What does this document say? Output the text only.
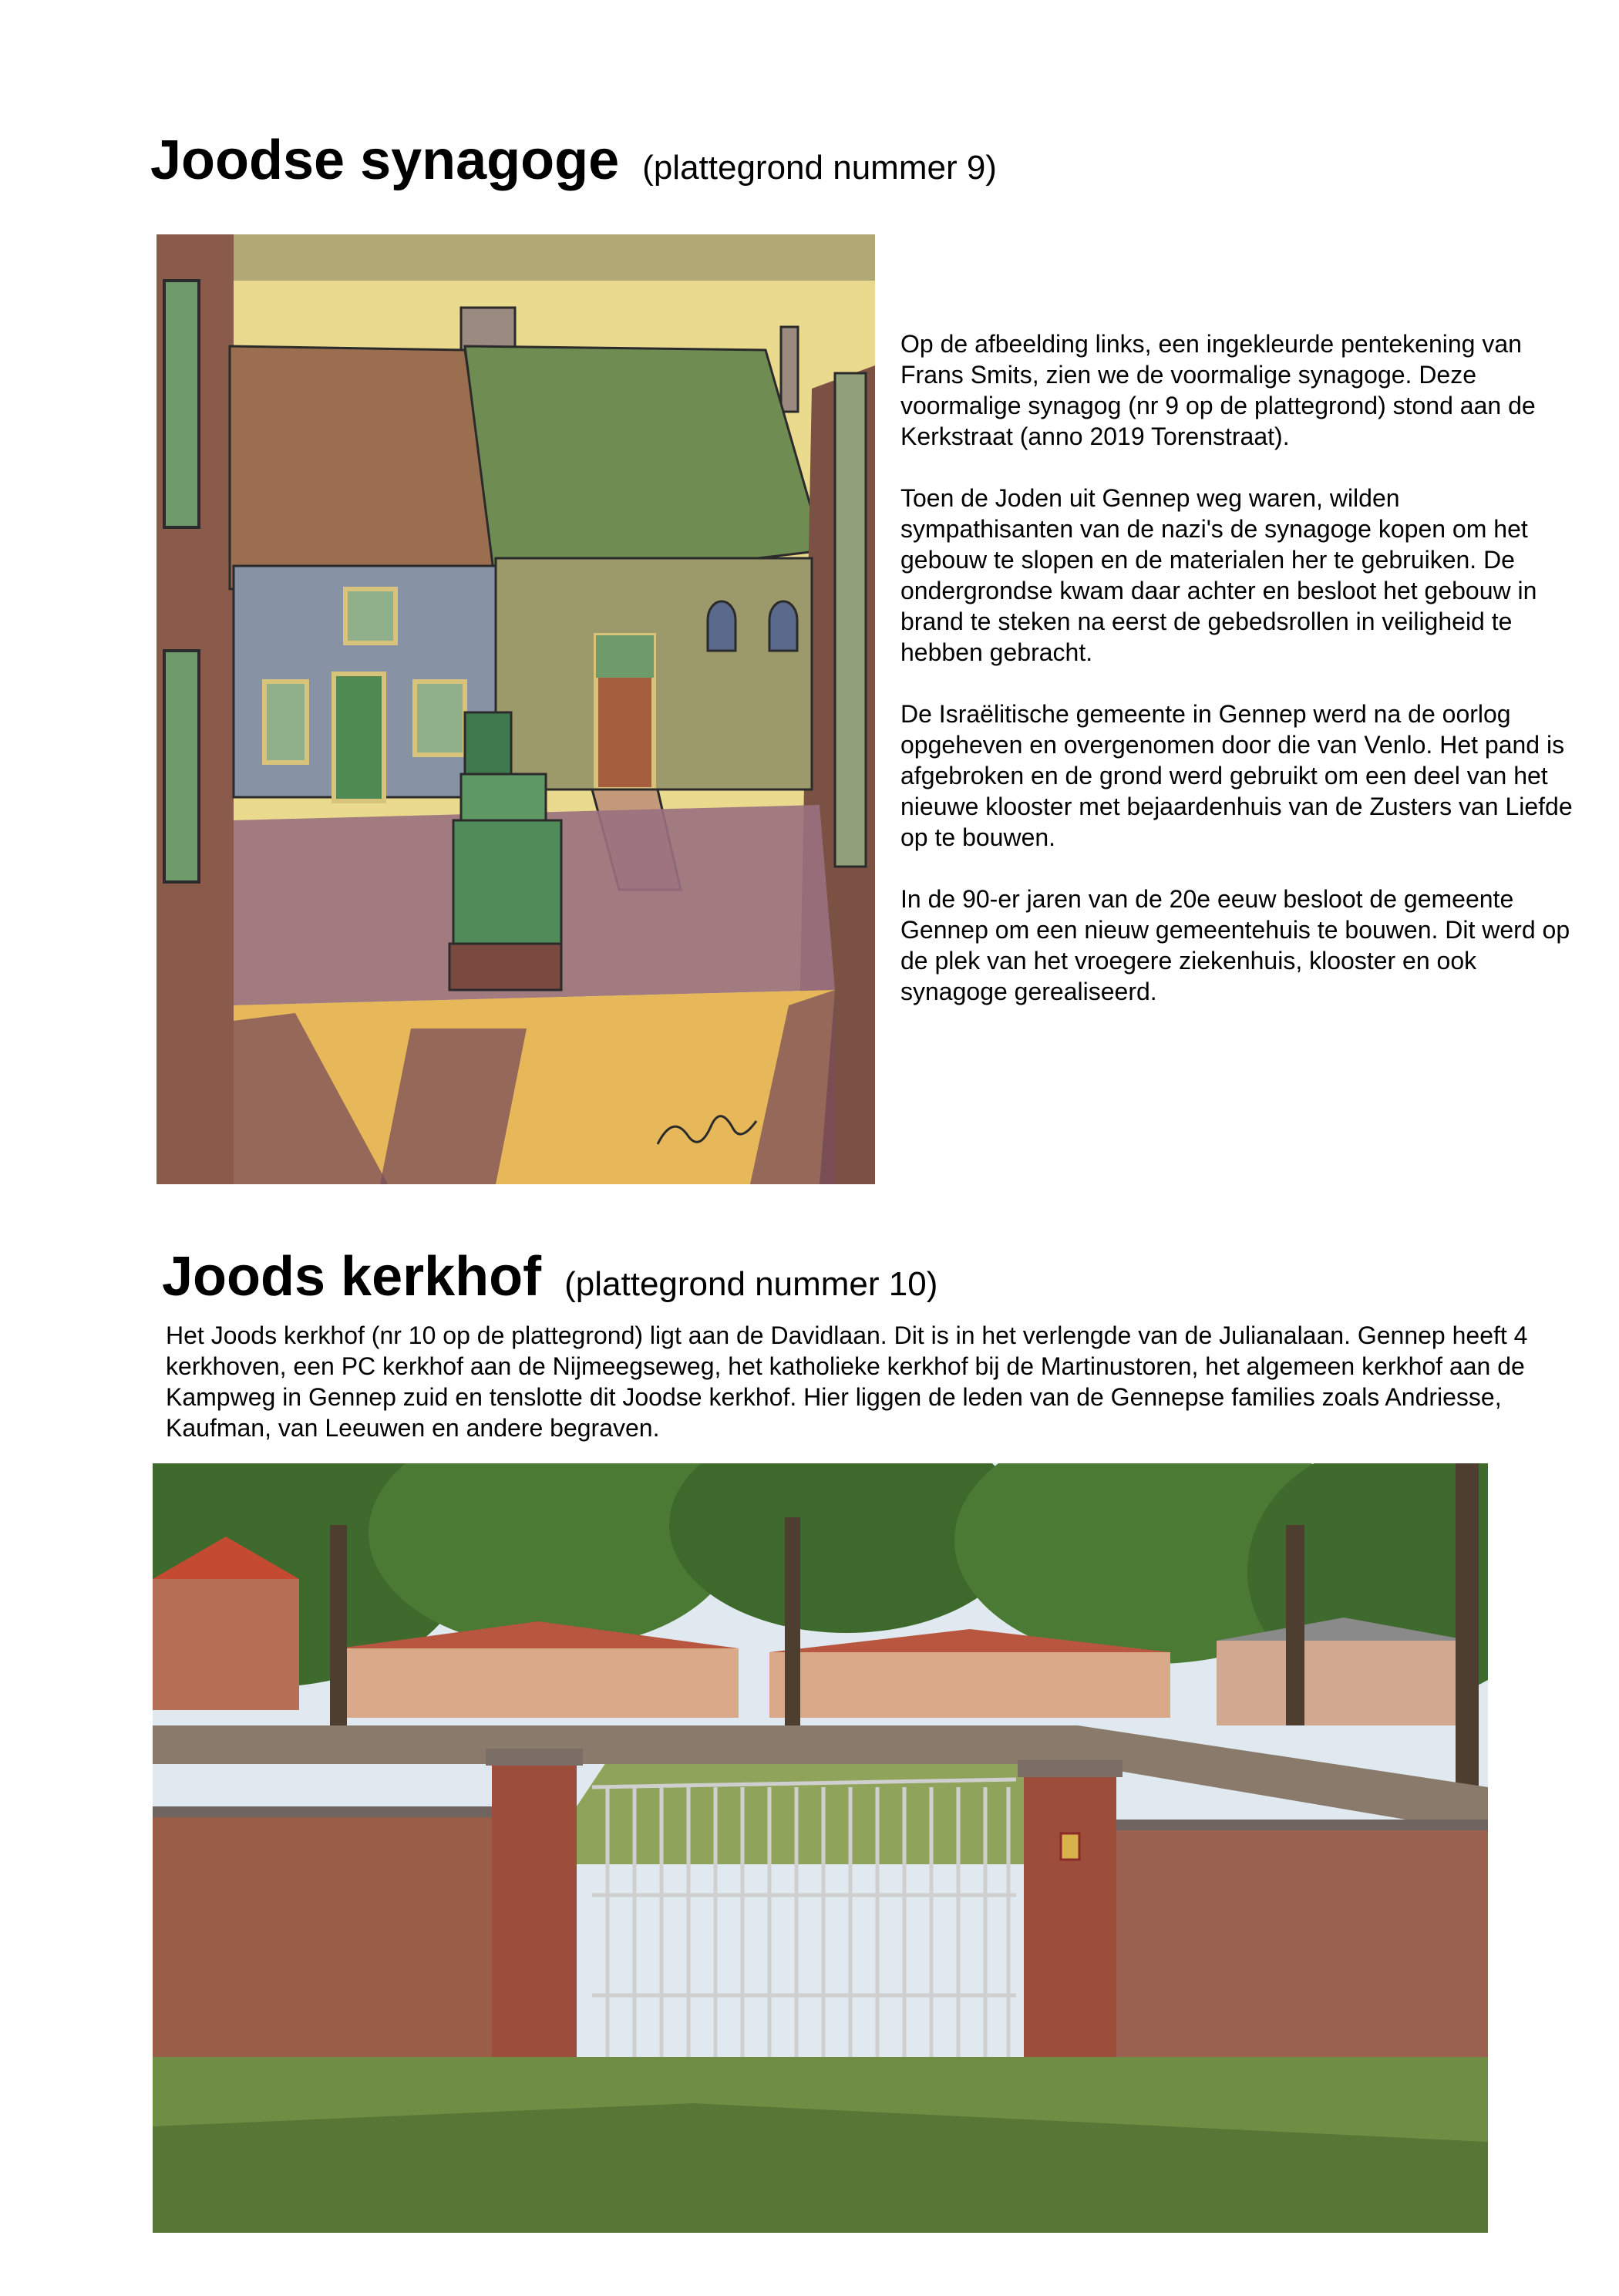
Joodse synagoge (plattegrond nummer 9)

Op de afbeelding links, een ingekleurde pentekening van Frans Smits, zien we de voormalige synagoge. Deze voormalige synagog (nr 9 op de plattegrond) stond aan de Kerkstraat (anno 2019 Torenstraat).

Toen de Joden uit Gennep weg waren, wilden sympathisanten van de nazi's de synagoge kopen om het gebouw te slopen en de materialen her te gebruiken. De ondergrondse kwam daar achter en besloot het gebouw in brand te steken na eerst de gebedsrollen in veiligheid te hebben gebracht.

De Israëlitische gemeente in Gennep werd na de oorlog opgeheven en overgenomen door die van Venlo. Het pand is afgebroken en de grond werd gebruikt om een deel van het nieuwe klooster met bejaardenhuis van de Zusters van Liefde op te bouwen.

In de 90-er jaren van de 20e eeuw besloot de gemeente Gennep om een nieuw gemeentehuis te bouwen. Dit werd op de plek van het vroegere ziekenhuis, klooster en ook synagoge gerealiseerd.

Joods kerkhof (plattegrond nummer 10)

Het Joods kerkhof (nr 10 op de plattegrond) ligt aan de Davidlaan. Dit is in het verlengde van de Julianalaan. Gennep heeft 4 kerkhoven, een PC kerkhof aan de Nijmeegseweg, het katholieke kerkhof bij de Martinustoren, het algemeen kerkhof aan de Kampweg in Gennep zuid en tenslotte dit Joodse kerkhof. Hier liggen de leden van de Gennepse families zoals Andriesse, Kaufman, van Leeuwen en andere begraven.
